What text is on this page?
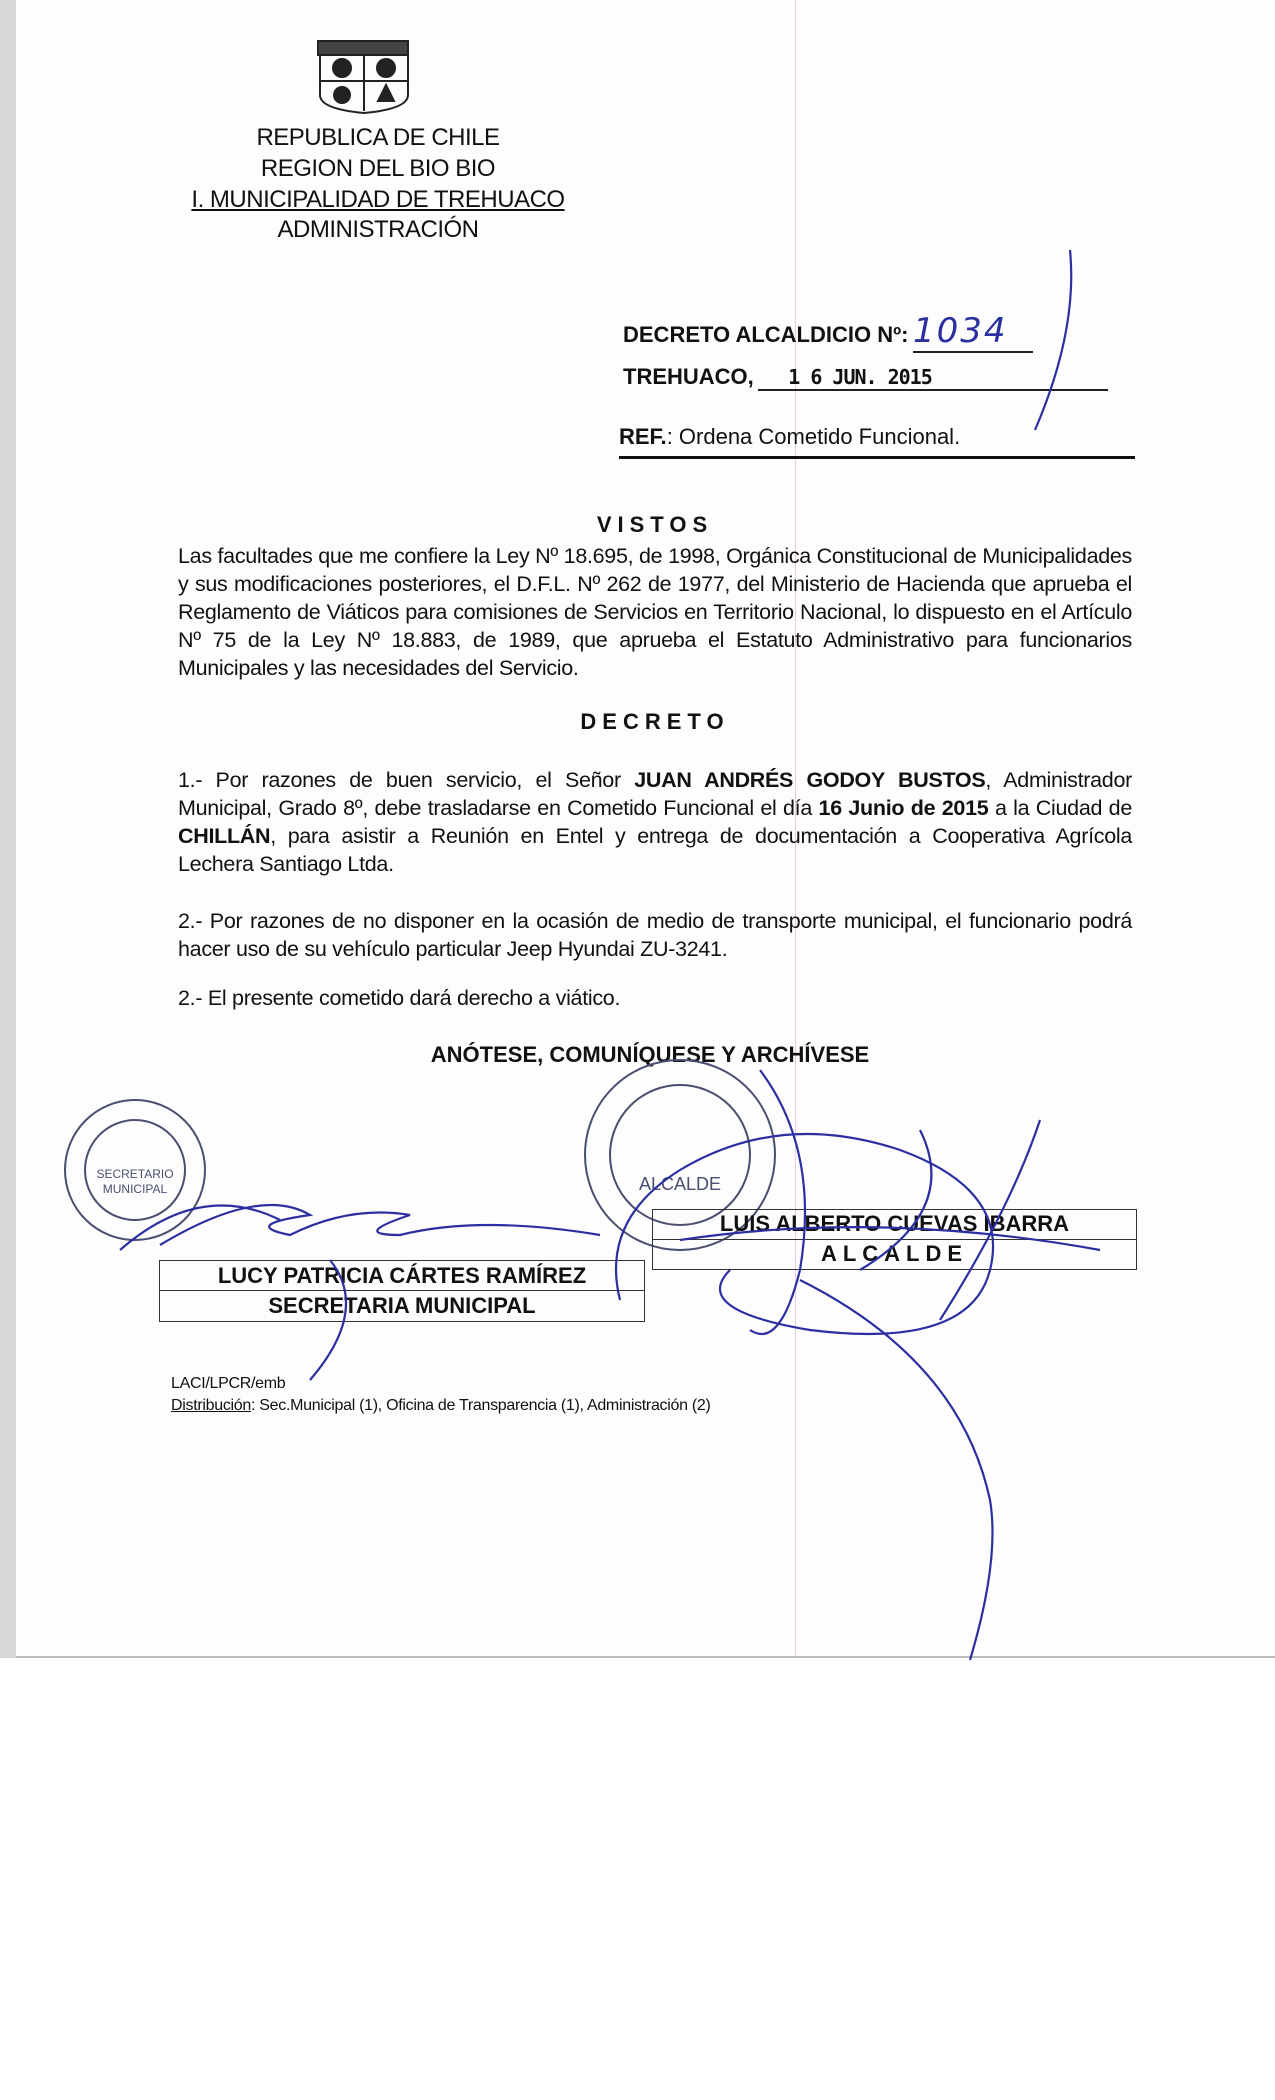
REPUBLICA DE CHILE
REGION DEL BIO BIO
I. MUNICIPALIDAD DE TREHUACO
ADMINISTRACIÓN
DECRETO ALCALDICIO Nº: 1034
TREHUACO, 1 6 JUN. 2015
REF.: Ordena Cometido Funcional.
VISTOS
Las facultades que me confiere la Ley Nº 18.695, de 1998, Orgánica Constitucional de Municipalidades y sus modificaciones posteriores, el D.F.L. Nº 262 de 1977, del Ministerio de Hacienda que aprueba el Reglamento de Viáticos para comisiones de Servicios en Territorio Nacional, lo dispuesto en el Artículo Nº 75 de la Ley Nº 18.883, de 1989, que aprueba el Estatuto Administrativo para funcionarios Municipales y las necesidades del Servicio.
DECRETO
1.- Por razones de buen servicio, el Señor JUAN ANDRÉS GODOY BUSTOS, Administrador Municipal, Grado 8º, debe trasladarse en Cometido Funcional el día 16 Junio de 2015 a la Ciudad de CHILLÁN, para asistir a Reunión en Entel y entrega de documentación a Cooperativa Agrícola Lechera Santiago Ltda.
2.- Por razones de no disponer en la ocasión de medio de transporte municipal, el funcionario podrá hacer uso de su vehículo particular Jeep Hyundai ZU-3241.
2.- El presente cometido dará derecho a viático.
ANÓTESE, COMUNÍQUESE Y ARCHÍVESE
SECRETARIO
MUNICIPAL	ALCALDE
LUIS ALBERTO CUEVAS IBARRA
ALCALDE
LUCY PATRICIA CÁRTES RAMÍREZ
SECRETARIA MUNICIPAL
LACI/LPCR/emb
Distribución: Sec.Municipal (1), Oficina de Transparencia (1), Administración (2)
